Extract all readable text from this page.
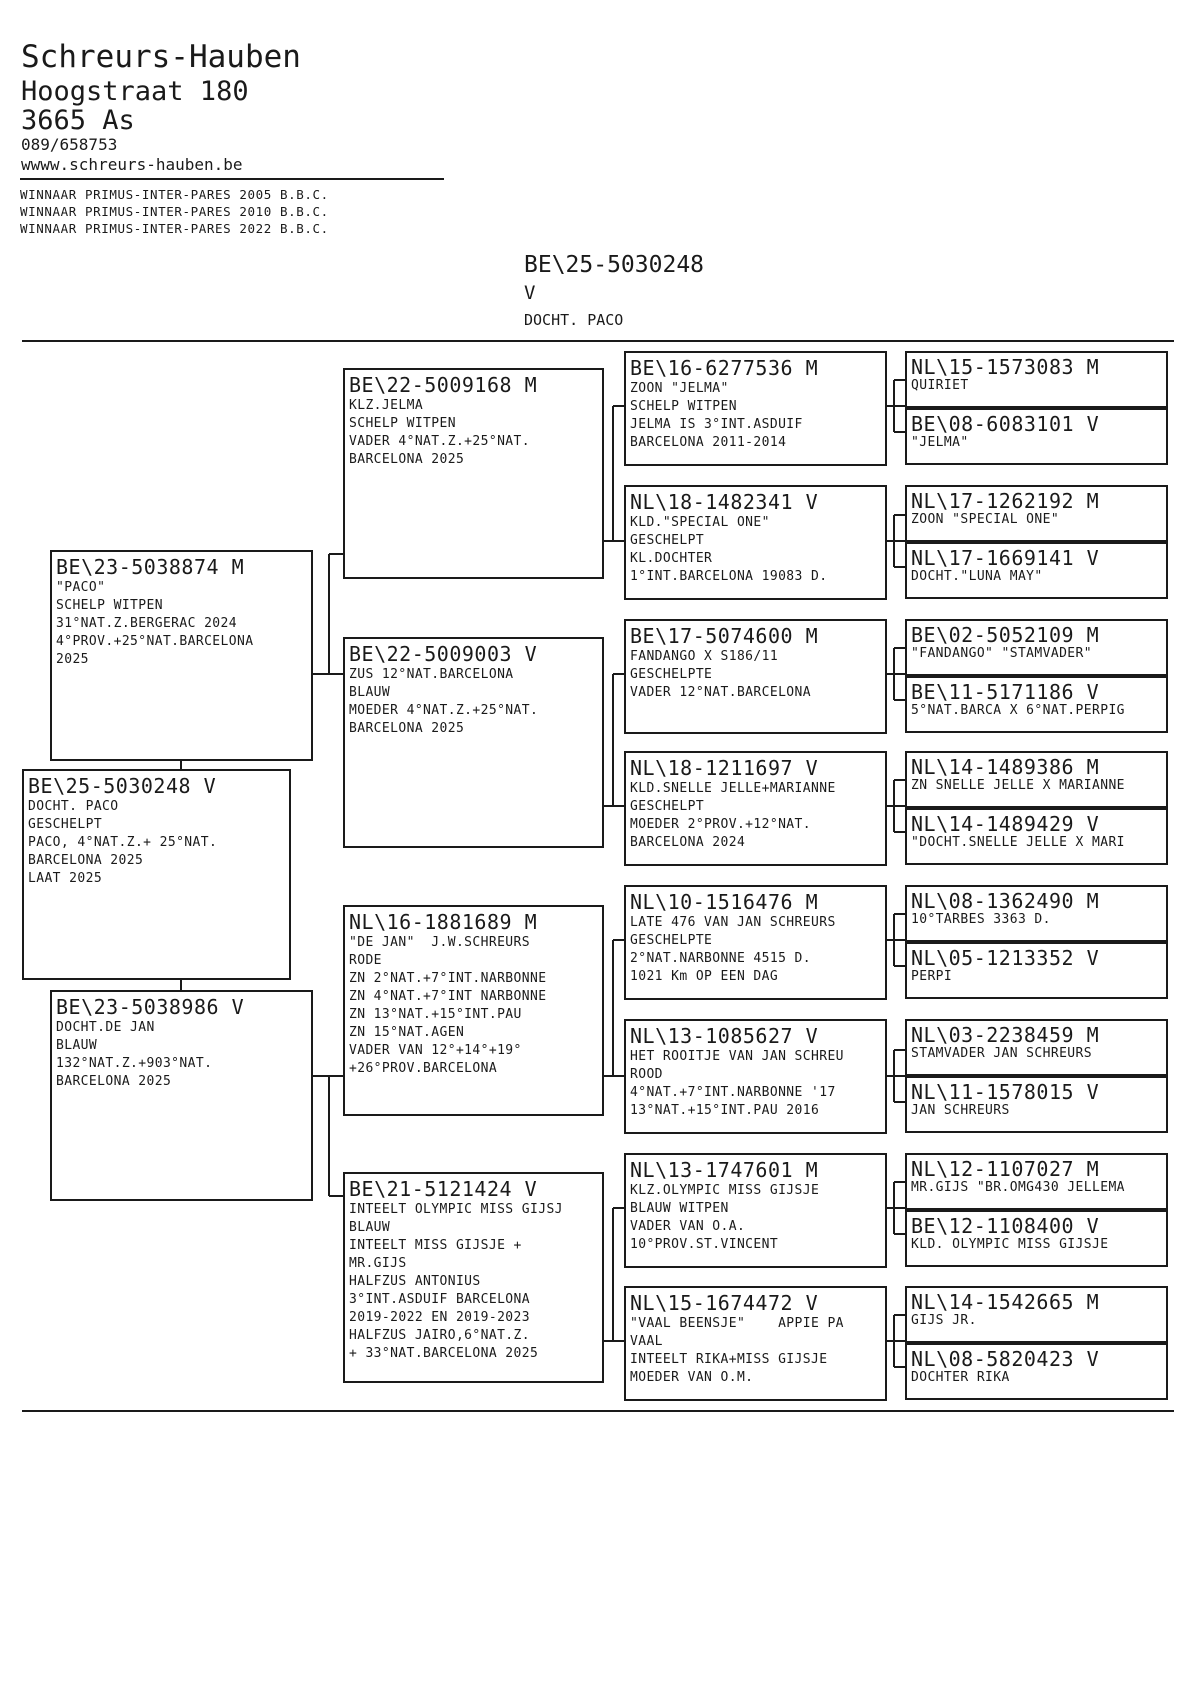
Schreurs-Hauben
Hoogstraat 180
3665 As
089/658753
wwww.schreurs-hauben.be
WINNAAR PRIMUS-INTER-PARES 2005 B.B.C.
WINNAAR PRIMUS-INTER-PARES 2010 B.B.C.
WINNAAR PRIMUS-INTER-PARES 2022 B.B.C.
BE\25-5030248
V
DOCHT. PACO
BE\23-5038874 M
"PACO"
SCHELP WITPEN
31°NAT.Z.BERGERAC 2024
4°PROV.+25°NAT.BARCELONA
2025
BE\25-5030248 V
DOCHT. PACO
GESCHELPT
PACO, 4°NAT.Z.+ 25°NAT.
BARCELONA 2025
LAAT 2025
BE\23-5038986 V
DOCHT.DE JAN
BLAUW
132°NAT.Z.+903°NAT.
BARCELONA 2025
BE\22-5009168 M
KLZ.JELMA
SCHELP WITPEN
VADER 4°NAT.Z.+25°NAT.
BARCELONA 2025
BE\22-5009003 V
ZUS 12°NAT.BARCELONA
BLAUW
MOEDER 4°NAT.Z.+25°NAT.
BARCELONA 2025
NL\16-1881689 M
"DE JAN"  J.W.SCHREURS
RODE
ZN 2°NAT.+7°INT.NARBONNE
ZN 4°NAT.+7°INT NARBONNE
ZN 13°NAT.+15°INT.PAU
ZN 15°NAT.AGEN
VADER VAN 12°+14°+19°
+26°PROV.BARCELONA
BE\21-5121424 V
INTEELT OLYMPIC MISS GIJSJ
BLAUW
INTEELT MISS GIJSJE +
MR.GIJS
HALFZUS ANTONIUS
3°INT.ASDUIF BARCELONA
2019-2022 EN 2019-2023
HALFZUS JAIRO,6°NAT.Z.
+ 33°NAT.BARCELONA 2025
BE\16-6277536 M
ZOON "JELMA"
SCHELP WITPEN
JELMA IS 3°INT.ASDUIF
BARCELONA 2011-2014
NL\18-1482341 V
KLD."SPECIAL ONE"
GESCHELPT
KL.DOCHTER
1°INT.BARCELONA 19083 D.
BE\17-5074600 M
FANDANGO X S186/11
GESCHELPTE
VADER 12°NAT.BARCELONA
NL\18-1211697 V
KLD.SNELLE JELLE+MARIANNE
GESCHELPT
MOEDER 2°PROV.+12°NAT.
BARCELONA 2024
NL\10-1516476 M
LATE 476 VAN JAN SCHREURS
GESCHELPTE
2°NAT.NARBONNE 4515 D.
1021 Km OP EEN DAG
NL\13-1085627 V
HET ROOITJE VAN JAN SCHREU
ROOD
4°NAT.+7°INT.NARBONNE '17
13°NAT.+15°INT.PAU 2016
NL\13-1747601 M
KLZ.OLYMPIC MISS GIJSJE
BLAUW WITPEN
VADER VAN O.A.
10°PROV.ST.VINCENT
NL\15-1674472 V
"VAAL BEENSJE"    APPIE PA
VAAL
INTEELT RIKA+MISS GIJSJE
MOEDER VAN O.M.
NL\15-1573083 M
QUIRIET
BE\08-6083101 V
"JELMA"
NL\17-1262192 M
ZOON "SPECIAL ONE"
NL\17-1669141 V
DOCHT."LUNA MAY"
BE\02-5052109 M
"FANDANGO" "STAMVADER"
BE\11-5171186 V
5°NAT.BARCA X 6°NAT.PERPIG
NL\14-1489386 M
ZN SNELLE JELLE X MARIANNE
NL\14-1489429 V
"DOCHT.SNELLE JELLE X MARI
NL\08-1362490 M
10°TARBES 3363 D.
NL\05-1213352 V
PERPI
NL\03-2238459 M
STAMVADER JAN SCHREURS
NL\11-1578015 V
JAN SCHREURS
NL\12-1107027 M
MR.GIJS "BR.OMG430 JELLEMA
BE\12-1108400 V
KLD. OLYMPIC MISS GIJSJE
NL\14-1542665 M
GIJS JR.
NL\08-5820423 V
DOCHTER RIKA
